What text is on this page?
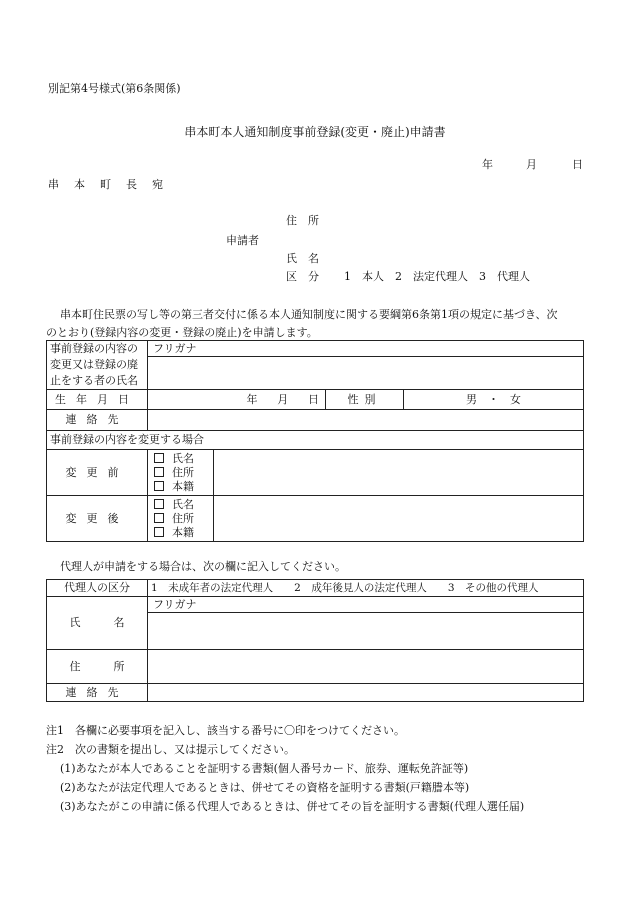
別記第4号様式(第6条関係)
串本町本人通知制度事前登録(変更・廃止)申請書
年	月	日
串　本　町　長　宛
申請者
住　所
氏　名
区　分 1　本人　2　法定代理人　3　代理人
串本町住民票の写し等の第三者交付に係る本人通知制度に関する要綱第6条第1項の規定に基づき、次
のとおり(登録内容の変更・登録の廃止)を申請します。
事前登録の内容の
変更又は登録の廃
止をする者の氏名	フリガナ			

生年月日		年 月 日	性別	男　・　女
連絡先				
事前登録の内容を変更する場合				
変更前	氏名
住所
本籍			

変更後	氏名
住所
本籍			

代理人が申請をする場合は、次の欄に記入してください。
代理人の区分	1　未成年者の法定代理人　　2　成年後見人の法定代理人　　3　その他の代理人
氏　　　名	フリガナ

住　　　所	
連絡先	
注1　各欄に必要事項を記入し、該当する番号に〇印をつけてください。
注2　次の書類を提出し、又は提示してください。
(1)あなたが本人であることを証明する書類(個人番号カード、旅券、運転免許証等)
(2)あなたが法定代理人であるときは、併せてその資格を証明する書類(戸籍謄本等)
(3)あなたがこの申請に係る代理人であるときは、併せてその旨を証明する書類(代理人選任届)
